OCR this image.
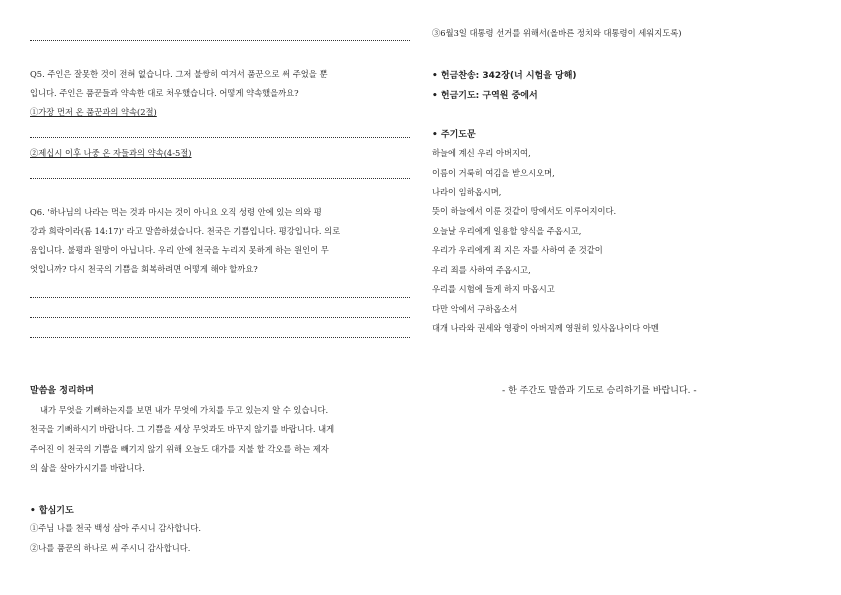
Q5. 주인은 잘못한 것이 전혀 없습니다. 그저 불쌍히 여겨서 품꾼으로 써 주었을 뿐

입니다. 주인은 품꾼들과 약속한 대로 처우했습니다. 어떻게 약속했을까요?

①가장 먼저 온 품꾼과의 약속(2절)

②제십시 이후 나중 온 자들과의 약속(4-5절)

Q6. '하나님의 나라는 먹는 것과 마시는 것이 아니요 오직 성령 안에 있는 의와 평

강과 희락이라(롬 14:17)' 라고 말씀하셨습니다. 천국은 기쁨입니다. 평강입니다. 의로

움입니다. 불평과 원망이 아닙니다. 우리 안에 천국을 누리지 못하게 하는 원인이 무

엇입니까? 다시 천국의 기쁨을 회복하려면 어떻게 해야 할까요?

말씀을 정리하며

내가 무엇을 기뻐하는지를 보면 내가 무엇에 가치를 두고 있는지 알 수 있습니다.

천국을 기뻐하시기 바랍니다. 그 기쁨을 세상 무엇과도 바꾸지 않기를 바랍니다. 내게

주어진 이 천국의 기쁨을 빼기지 않기 위해 오늘도 대가를 지불 할 각오를 하는 제자

의 삶을 살아가시기를 바랍니다.

• 합심기도

①주님 나를 천국 백성 삼아 주시니 감사합니다.

②나를 품꾼의 하나로 써 주시니 감사합니다.

③6월3일 대통령 선거를 위해서(올바른 정치와 대통령이 세워지도록)

• 헌금찬송: 342장(너 시험을 당해)
• 헌금기도: 구역원 중에서
• 주기도문

하늘에 계신 우리 아버지여,

이름이 거룩히 여김을 받으시오며,

나라이 임하옵시며,

뜻이 하늘에서 이룬 것같이 땅에서도 이루어지이다.

오늘날 우리에게 일용할 양식을 주옵시고,

우리가 우리에게 죄 지은 자를 사하여 준 것같이

우리 죄를 사하여 주옵시고,

우리를 시험에 들게 하지 마옵시고

다만 악에서 구하옵소서

대개 나라와 권세와 영광이 아버지께 영원히 있사옵나이다 아멘

- 한 주간도 말씀과 기도로 승리하기를 바랍니다. -
